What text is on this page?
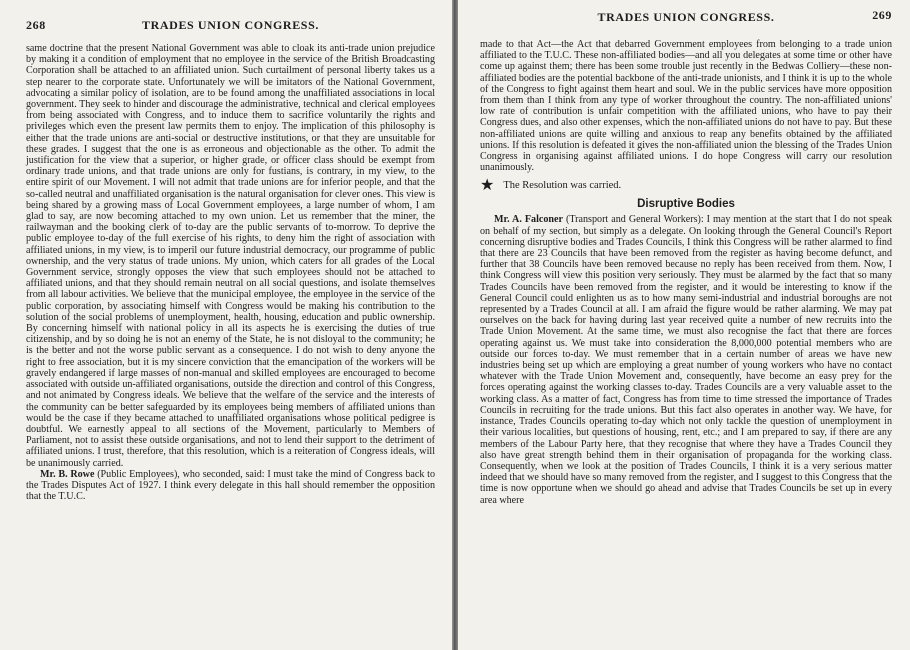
268	TRADES UNION CONGRESS.

same doctrine that the present National Government was able to cloak its anti-trade union prejudice by making it a condition of employment that no employee in the service of the British Broadcasting Corporation shall be attached to an affiliated union. Such curtailment of personal liberty takes us a step nearer to the corporate state. Unfortunately we will be imitators of the National Government, advocating a similar policy of isolation, are to be found among the unaffiliated associations in local government. They seek to hinder and discourage the administrative, technical and clerical employees from being associated with Congress, and to induce them to sacrifice voluntarily the rights and privileges which even the present law permits them to enjoy. The implication of this philosophy is either that the trade unions are anti-social or destructive institutions, or that they are unsuitable for these grades. I suggest that the one is as erroneous and objectionable as the other. To admit the justification for the view that a superior, or higher grade, or officer class should be exempt from ordinary trade unions, and that trade unions are only for fustians, is contrary, in my view, to the entire spirit of our Movement. I will not admit that trade unions are for inferior people, and that the so-called neutral and unaffiliated organisation is the natural organisation for clever ones. This view is being shared by a growing mass of Local Government employees, a large number of whom, I am glad to say, are now becoming attached to my own union. Let us remember that the miner, the railwayman and the booking clerk of to-day are the public servants of to-morrow. To deprive the public employee to-day of the full exercise of his rights, to deny him the right of association with affiliated unions, in my view, is to imperil our future industrial democracy, our programme of public ownership, and the very status of trade unions. My union, which caters for all grades of the Local Government service, strongly opposes the view that such employees should not be attached to affiliated unions, and that they should remain neutral on all social questions, and isolate themselves from all labour activities. We believe that the municipal employee, the employee in the service of the public corporation, by associating himself with Congress would be making his contribution to the solution of the social problems of unemployment, health, housing, education and public ownership. By concerning himself with national policy in all its aspects he is exercising the duties of true citizenship, and by so doing he is not an enemy of the State, he is not disloyal to the community; he is the better and not the worse public servant as a consequence. I do not wish to deny anyone the right to free association, but it is my sincere conviction that the emancipation of the workers will be gravely endangered if large masses of non-manual and skilled employees are encouraged to become associated with outside un-affiliated organisations, outside the direction and control of this Congress, and not animated by Congress ideals. We believe that the welfare of the service and the interests of the community can be better safeguarded by its employees being members of affiliated unions than would be the case if they became attached to unaffiliated organisations whose political pedigree is doubtful. We earnestly appeal to all sections of the Movement, particularly to Members of Parliament, not to assist these outside organisations, and not to lend their support to the detriment of affiliated unions. I trust, therefore, that this resolution, which is a reiteration of Congress ideals, will be unanimously carried.

Mr. B. Rowe (Public Employees), who seconded, said: I must take the mind of Congress back to the Trades Disputes Act of 1927. I think every delegate in this hall should remember the opposition that the T.U.C.

TRADES UNION CONGRESS.	269

made to that Act—the Act that debarred Government employees from belonging to a trade union affiliated to the T.U.C. These non-affiliated bodies—and all you delegates at some time or other have come up against them; there has been some trouble just recently in the Bedwas Colliery—these non-affiliated bodies are the potential backbone of the anti-trade unionists, and I think it is up to the whole of the Congress to fight against them heart and soul. We in the public services have more opposition from them than I think from any type of worker throughout the country. The non-affiliated unions' low rate of contribution is unfair competition with the affiliated unions, who have to pay their Congress dues, and also other expenses, which the non-affiliated unions do not have to pay. But these non-affiliated unions are quite willing and anxious to reap any benefits obtained by the affiliated unions. If this resolution is defeated it gives the non-affiliated union the blessing of the Trades Union Congress in organising against affiliated unions. I do hope Congress will carry our resolution unanimously.

★ The Resolution was carried.
Disruptive Bodies

Mr. A. Falconer (Transport and General Workers): I may mention at the start that I do not speak on behalf of my section, but simply as a delegate. On looking through the General Council's Report concerning disruptive bodies and Trades Councils, I think this Congress will be rather alarmed to find that there are 23 Councils that have been removed from the register as having become defunct, and further that 38 Councils have been removed because no reply has been received from them. Now, I think Congress will view this position very seriously. They must be alarmed by the fact that so many Trades Councils have been removed from the register, and it would be interesting to know if the General Council could enlighten us as to how many semi-industrial and industrial boroughs are not represented by a Trades Council at all. I am afraid the figure would be rather alarming. We may pat ourselves on the back for having during last year received quite a number of new recruits into the Trade Union Movement. At the same time, we must also recognise the fact that there are forces operating against us. We must take into consideration the 8,000,000 potential members who are outside our forces to-day. We must remember that in a certain number of areas we have new industries being set up which are employing a great number of young workers who have no contact whatever with the Trade Union Movement and, consequently, have become an easy prey for the forces operating against the working classes to-day. Trades Councils are a very valuable asset to the working class. As a matter of fact, Congress has from time to time stressed the importance of Trades Councils in recruiting for the trade unions. But this fact also operates in another way. We have, for instance, Trades Councils operating to-day which not only tackle the question of unemployment in their various localities, but questions of housing, rent, etc.; and I am prepared to say, if there are any members of the Labour Party here, that they recognise that where they have a Trades Council they also have great strength behind them in their organisation of propaganda for the working class. Consequently, when we look at the position of Trades Councils, I think it is a very serious matter indeed that we should have so many removed from the register, and I suggest to this Congress that the time is now opportune when we should go ahead and advise that Trades Councils be set up in every area where
